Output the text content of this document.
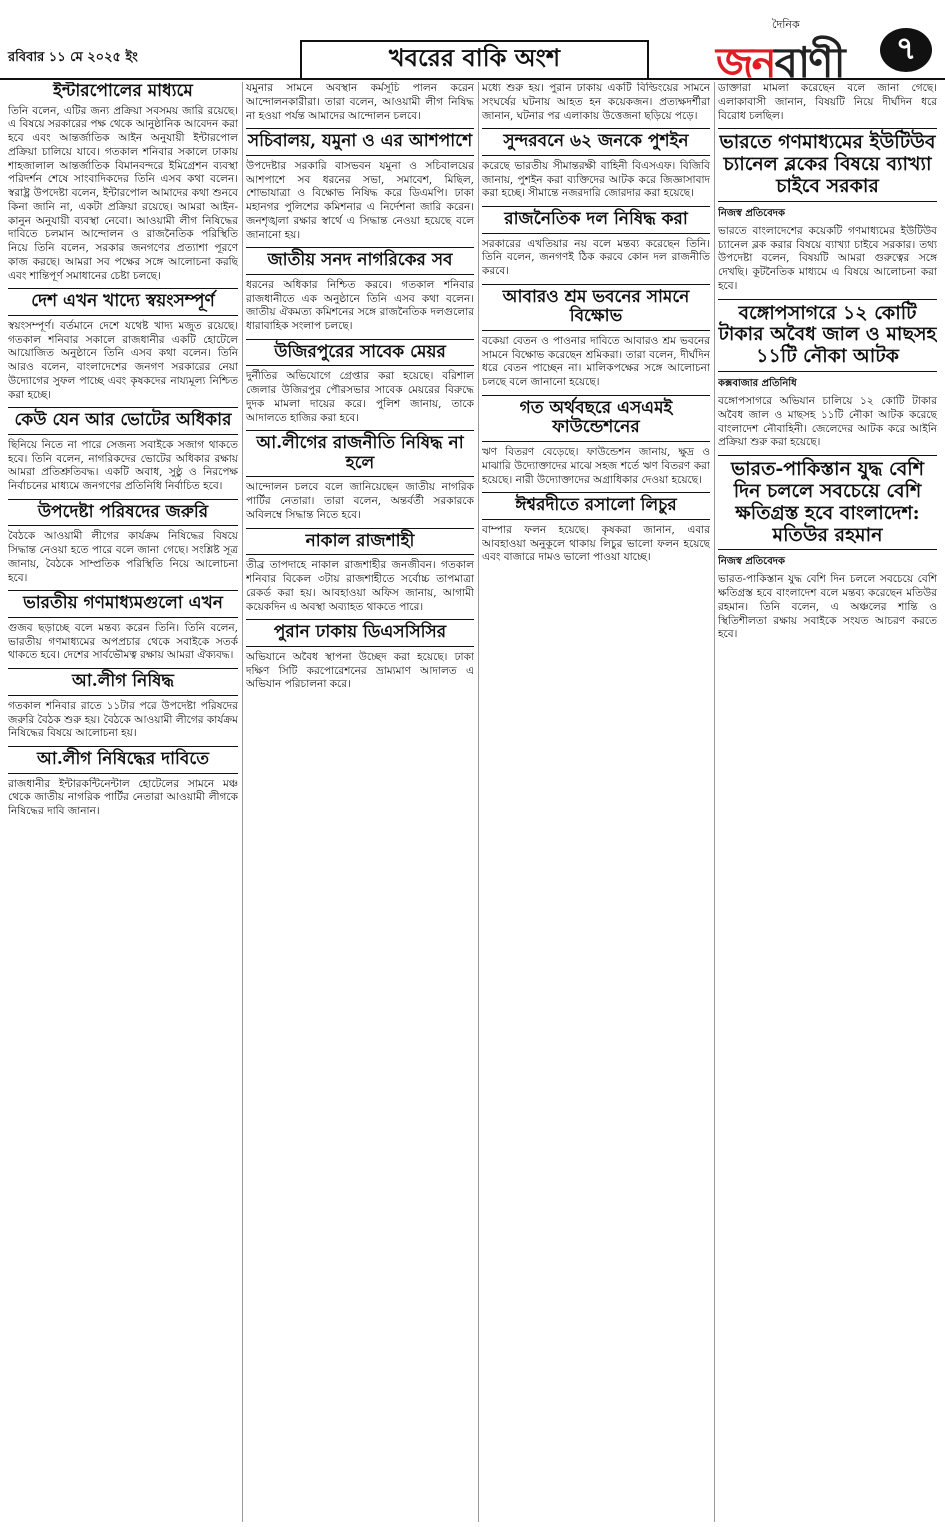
রবিবার ১১ মে ২০২৫ ইং	খবরের বাকি অংশ
দৈনিক
জনবাণী	৭
ইন্টারপোলের মাধ্যমে
তিনি বলেন, এটির জন্য প্রক্রিয়া সবসময় জারি রয়েছে। এ বিষয়ে সরকারের পক্ষ থেকে আনুষ্ঠানিক আবেদন করা হবে এবং আন্তর্জাতিক আইন অনুযায়ী ইন্টারপোল প্রক্রিয়া চালিয়ে যাবে। গতকাল শনিবার সকালে ঢাকায় শাহজালাল আন্তর্জাতিক বিমানবন্দরে ইমিগ্রেশন ব্যবস্থা পরিদর্শন শেষে সাংবাদিকদের তিনি এসব কথা বলেন। স্বরাষ্ট্র উপদেষ্টা বলেন, ইন্টারপোল আমাদের কথা শুনবে কিনা জানি না, একটা প্রক্রিয়া রয়েছে। আমরা আইন-কানুন অনুযায়ী ব্যবস্থা নেবো। আওয়ামী লীগ নিষিদ্ধের দাবিতে চলমান আন্দোলন ও রাজনৈতিক পরিস্থিতি নিয়ে তিনি বলেন, সরকার জনগণের প্রত্যাশা পূরণে কাজ করছে। আমরা সব পক্ষের সঙ্গে আলোচনা করছি এবং শান্তিপূর্ণ সমাধানের চেষ্টা চলছে।
দেশ এখন খাদ্যে স্বয়ংসম্পূর্ণ
স্বয়ংসম্পূর্ণ। বর্তমানে দেশে যথেষ্ট খাদ্য মজুত রয়েছে। গতকাল শনিবার সকালে রাজধানীর একটি হোটেলে আয়োজিত অনুষ্ঠানে তিনি এসব কথা বলেন। তিনি আরও বলেন, বাংলাদেশের জনগণ সরকারের নেয়া উদ্যোগের সুফল পাচ্ছে এবং কৃষকদের নায্যমূল্য নিশ্চিত করা হচ্ছে।
কেউ যেন আর ভোটের অধিকার
ছিনিয়ে নিতে না পারে সেজন্য সবাইকে সজাগ থাকতে হবে। তিনি বলেন, নাগরিকদের ভোটের অধিকার রক্ষায় আমরা প্রতিশ্রুতিবদ্ধ। একটি অবাধ, সুষ্ঠু ও নিরপেক্ষ নির্বাচনের মাধ্যমে জনগণের প্রতিনিধি নির্বাচিত হবে।
উপদেষ্টা পরিষদের জরুরি
বৈঠকে আওয়ামী লীগের কার্যক্রম নিষিদ্ধের বিষয়ে সিদ্ধান্ত নেওয়া হতে পারে বলে জানা গেছে। সংশ্লিষ্ট সূত্র জানায়, বৈঠকে সাম্প্রতিক পরিস্থিতি নিয়ে আলোচনা হবে।
ভারতীয় গণমাধ্যমগুলো এখন
গুজব ছড়াচ্ছে বলে মন্তব্য করেন তিনি। তিনি বলেন, ভারতীয় গণমাধ্যমের অপপ্রচার থেকে সবাইকে সতর্ক থাকতে হবে। দেশের সার্বভৌমত্ব রক্ষায় আমরা ঐক্যবদ্ধ।
আ.লীগ নিষিদ্ধ
গতকাল শনিবার রাতে ১১টার পরে উপদেষ্টা পরিষদের জরুরি বৈঠক শুরু হয়। বৈঠকে আওয়ামী লীগের কার্যক্রম নিষিদ্ধের বিষয়ে আলোচনা হয়।
আ.লীগ নিষিদ্ধের দাবিতে
রাজধানীর ইন্টারকন্টিনেন্টাল হোটেলের সামনে মঞ্চ থেকে জাতীয় নাগরিক পার্টির নেতারা আওয়ামী লীগকে নিষিদ্ধের দাবি জানান।
যমুনার সামনে অবস্থান কর্মসূচি পালন করেন আন্দোলনকারীরা। তারা বলেন, আওয়ামী লীগ নিষিদ্ধ না হওয়া পর্যন্ত আমাদের আন্দোলন চলবে।
সচিবালয়, যমুনা ও এর আশপাশে
উপদেষ্টার সরকারি বাসভবন যমুনা ও সচিবালয়ের আশপাশে সব ধরনের সভা, সমাবেশ, মিছিল, শোভাযাত্রা ও বিক্ষোভ নিষিদ্ধ করে ডিএমপি। ঢাকা মহানগর পুলিশের কমিশনার এ নির্দেশনা জারি করেন। জনশৃঙ্খলা রক্ষার স্বার্থে এ সিদ্ধান্ত নেওয়া হয়েছে বলে জানানো হয়।
জাতীয় সনদ নাগরিকের সব
ধরনের অধিকার নিশ্চিত করবে। গতকাল শনিবার রাজধানীতে এক অনুষ্ঠানে তিনি এসব কথা বলেন। জাতীয় ঐকমত্য কমিশনের সঙ্গে রাজনৈতিক দলগুলোর ধারাবাহিক সংলাপ চলছে।
উজিরপুরের সাবেক মেয়র
দুর্নীতির অভিযোগে গ্রেপ্তার করা হয়েছে। বরিশাল জেলার উজিরপুর পৌরসভার সাবেক মেয়রের বিরুদ্ধে দুদক মামলা দায়ের করে। পুলিশ জানায়, তাকে আদালতে হাজির করা হবে।
আ.লীগের রাজনীতি নিষিদ্ধ না হলে
আন্দোলন চলবে বলে জানিয়েছেন জাতীয় নাগরিক পার্টির নেতারা। তারা বলেন, অন্তর্বর্তী সরকারকে অবিলম্বে সিদ্ধান্ত নিতে হবে।
নাকাল রাজশাহী
তীব্র তাপদাহে নাকাল রাজশাহীর জনজীবন। গতকাল শনিবার বিকেল ৩টায় রাজশাহীতে সর্বোচ্চ তাপমাত্রা রেকর্ড করা হয়। আবহাওয়া অফিস জানায়, আগামী কয়েকদিন এ অবস্থা অব্যাহত থাকতে পারে।
পুরান ঢাকায় ডিএসসিসির
অভিযানে অবৈধ স্থাপনা উচ্ছেদ করা হয়েছে। ঢাকা দক্ষিণ সিটি করপোরেশনের ভ্রাম্যমাণ আদালত এ অভিযান পরিচালনা করে।
মধ্যে শুরু হয়। পুরান ঢাকায় একটি বিল্ডিংয়ের সামনে সংঘর্ষের ঘটনায় আহত হন কয়েকজন। প্রত্যক্ষদর্শীরা জানান, ঘটনার পর এলাকায় উত্তেজনা ছড়িয়ে পড়ে।
সুন্দরবনে ৬২ জনকে পুশইন
করেছে ভারতীয় সীমান্তরক্ষী বাহিনী বিএসএফ। বিজিবি জানায়, পুশইন করা ব্যক্তিদের আটক করে জিজ্ঞাসাবাদ করা হচ্ছে। সীমান্তে নজরদারি জোরদার করা হয়েছে।
রাজনৈতিক দল নিষিদ্ধ করা
সরকারের এখতিয়ার নয় বলে মন্তব্য করেছেন তিনি। তিনি বলেন, জনগণই ঠিক করবে কোন দল রাজনীতি করবে।
আবারও শ্রম ভবনের সামনে বিক্ষোভ
বকেয়া বেতন ও পাওনার দাবিতে আবারও শ্রম ভবনের সামনে বিক্ষোভ করেছেন শ্রমিকরা। তারা বলেন, দীর্ঘদিন ধরে বেতন পাচ্ছেন না। মালিকপক্ষের সঙ্গে আলোচনা চলছে বলে জানানো হয়েছে।
গত অর্থবছরে এসএমই ফাউন্ডেশনের
ঋণ বিতরণ বেড়েছে। ফাউন্ডেশন জানায়, ক্ষুদ্র ও মাঝারি উদ্যোক্তাদের মাঝে সহজ শর্তে ঋণ বিতরণ করা হয়েছে। নারী উদ্যোক্তাদের অগ্রাধিকার দেওয়া হয়েছে।
ঈশ্বরদীতে রসালো লিচুর
বাম্পার ফলন হয়েছে। কৃষকরা জানান, এবার আবহাওয়া অনুকূলে থাকায় লিচুর ভালো ফলন হয়েছে এবং বাজারে দামও ভালো পাওয়া যাচ্ছে।
ডাক্তারা মামলা করেছেন বলে জানা গেছে। এলাকাবাসী জানান, বিষয়টি নিয়ে দীর্ঘদিন ধরে বিরোধ চলছিল।
ভারতে গণমাধ্যমের ইউটিউব চ্যানেল ব্লকের বিষয়ে ব্যাখ্যা চাইবে সরকার
নিজস্ব প্রতিবেদক
ভারতে বাংলাদেশের কয়েকটি গণমাধ্যমের ইউটিউব চ্যানেল ব্লক করার বিষয়ে ব্যাখ্যা চাইবে সরকার। তথ্য উপদেষ্টা বলেন, বিষয়টি আমরা গুরুত্বের সঙ্গে দেখছি। কূটনৈতিক মাধ্যমে এ বিষয়ে আলোচনা করা হবে।
বঙ্গোপসাগরে ১২ কোটি টাকার অবৈধ জাল ও মাছসহ ১১টি নৌকা আটক
কক্সবাজার প্রতিনিধি
বঙ্গোপসাগরে অভিযান চালিয়ে ১২ কোটি টাকার অবৈধ জাল ও মাছসহ ১১টি নৌকা আটক করেছে বাংলাদেশ নৌবাহিনী। জেলেদের আটক করে আইনি প্রক্রিয়া শুরু করা হয়েছে।
ভারত-পাকিস্তান যুদ্ধ বেশি দিন চললে সবচেয়ে বেশি ক্ষতিগ্রস্ত হবে বাংলাদেশ: মতিউর রহমান
নিজস্ব প্রতিবেদক
ভারত-পাকিস্তান যুদ্ধ বেশি দিন চললে সবচেয়ে বেশি ক্ষতিগ্রস্ত হবে বাংলাদেশ বলে মন্তব্য করেছেন মতিউর রহমান। তিনি বলেন, এ অঞ্চলের শান্তি ও স্থিতিশীলতা রক্ষায় সবাইকে সংযত আচরণ করতে হবে।
